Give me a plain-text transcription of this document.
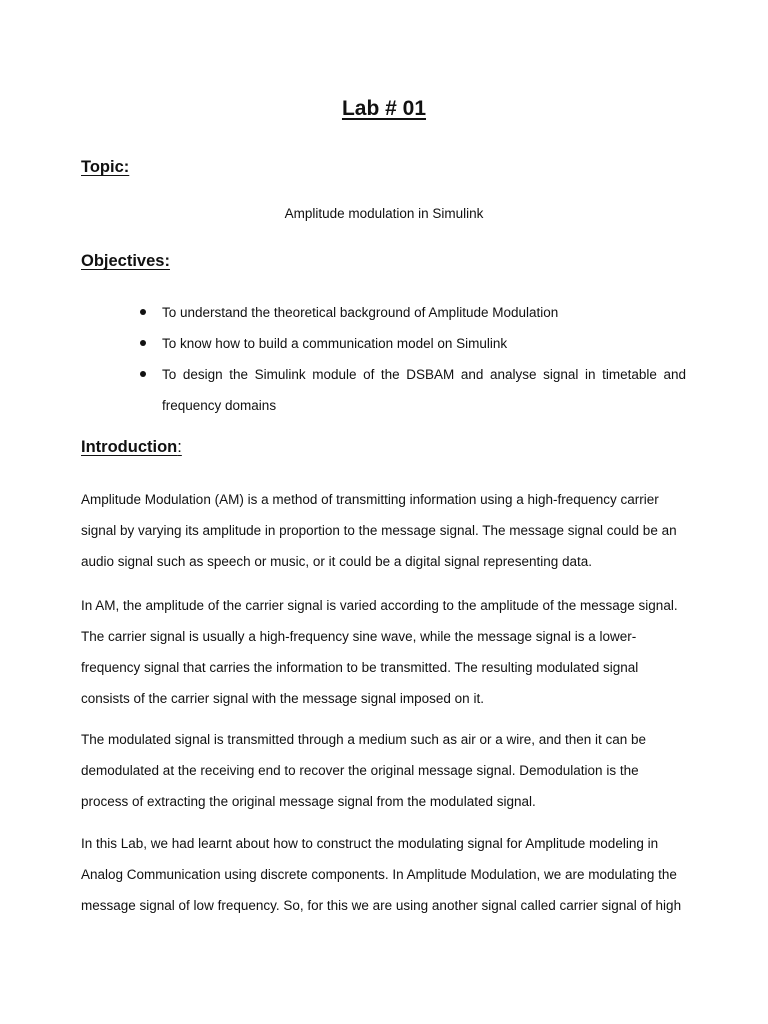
Lab # 01
Topic:
Amplitude modulation in Simulink
Objectives:
To understand the theoretical background of Amplitude Modulation
To know how to build a communication model on Simulink
To design the Simulink module of the DSBAM and analyse signal in timetable and frequency domains
Introduction:

Amplitude Modulation (AM) is a method of transmitting information using a high-frequency carrier signal by varying its amplitude in proportion to the message signal. The message signal could be an audio signal such as speech or music, or it could be a digital signal representing data.

In AM, the amplitude of the carrier signal is varied according to the amplitude of the message signal. The carrier signal is usually a high-frequency sine wave, while the message signal is a lower-frequency signal that carries the information to be transmitted. The resulting modulated signal consists of the carrier signal with the message signal imposed on it.

The modulated signal is transmitted through a medium such as air or a wire, and then it can be demodulated at the receiving end to recover the original message signal. Demodulation is the process of extracting the original message signal from the modulated signal.

In this Lab, we had learnt about how to construct the modulating signal for Amplitude modeling in Analog Communication using discrete components. In Amplitude Modulation, we are modulating the message signal of low frequency. So, for this we are using another signal called carrier signal of high
